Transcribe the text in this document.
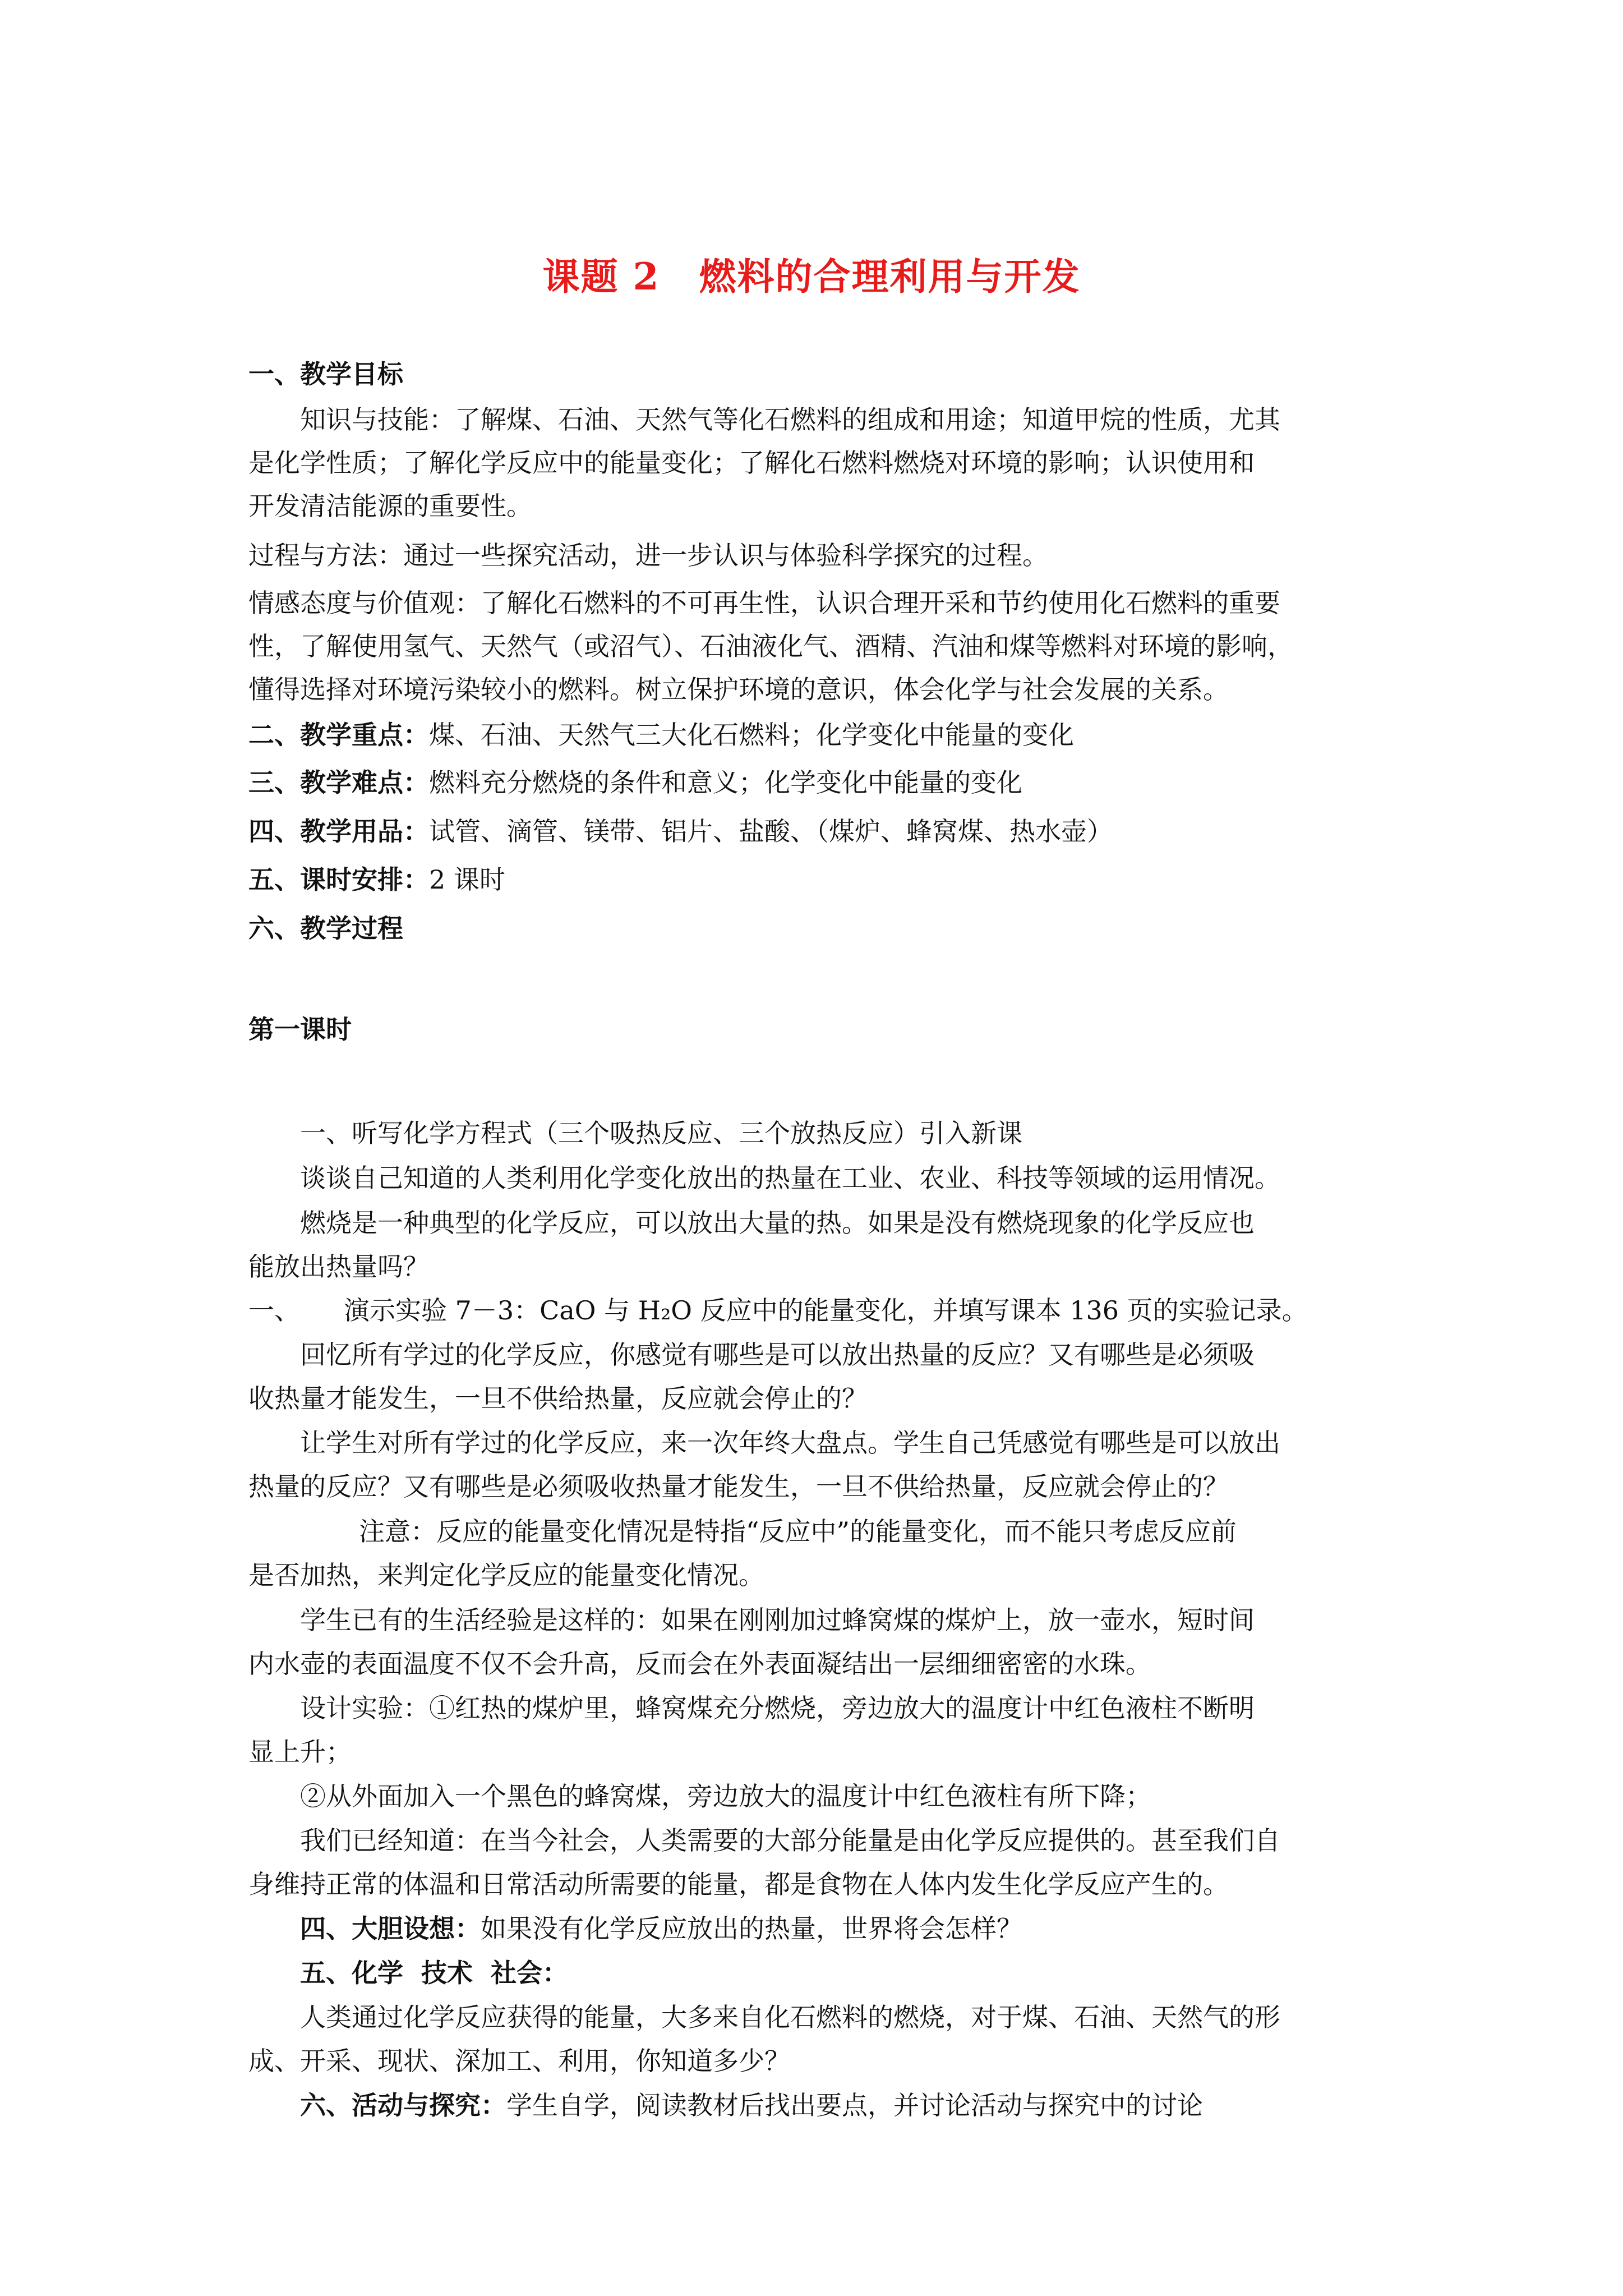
课题 2 燃料的合理利用与开发
一、教学目标
知识与技能：了解煤、石油、天然气等化石燃料的组成和用途；知道甲烷的性质，尤其
是化学性质；了解化学反应中的能量变化；了解化石燃料燃烧对环境的影响；认识使用和
开发清洁能源的重要性。
过程与方法：通过一些探究活动，进一步认识与体验科学探究的过程。
情感态度与价值观：了解化石燃料的不可再生性，认识合理开采和节约使用化石燃料的重要
性，了解使用氢气、天然气（或沼气）、石油液化气、酒精、汽油和煤等燃料对环境的影响，
懂得选择对环境污染较小的燃料。树立保护环境的意识，体会化学与社会发展的关系。
二、教学重点：煤、石油、天然气三大化石燃料；化学变化中能量的变化
三、教学难点：燃料充分燃烧的条件和意义；化学变化中能量的变化
四、教学用品：试管、滴管、镁带、铝片、盐酸、（煤炉、蜂窝煤、热水壶）
五、课时安排：2 课时
六、教学过程
第一课时
一、听写化学方程式（三个吸热反应、三个放热反应）引入新课
谈谈自己知道的人类利用化学变化放出的热量在工业、农业、科技等领域的运用情况。
燃烧是一种典型的化学反应，可以放出大量的热。如果是没有燃烧现象的化学反应也
能放出热量吗？
一、 演示实验 7－3：CaO 与 H₂O 反应中的能量变化，并填写课本 136 页的实验记录。
回忆所有学过的化学反应，你感觉有哪些是可以放出热量的反应？又有哪些是必须吸
收热量才能发生，一旦不供给热量，反应就会停止的？
让学生对所有学过的化学反应，来一次年终大盘点。学生自己凭感觉有哪些是可以放出
热量的反应？又有哪些是必须吸收热量才能发生，一旦不供给热量，反应就会停止的？
注意：反应的能量变化情况是特指“反应中”的能量变化，而不能只考虑反应前
是否加热，来判定化学反应的能量变化情况。
学生已有的生活经验是这样的：如果在刚刚加过蜂窝煤的煤炉上，放一壶水，短时间
内水壶的表面温度不仅不会升高，反而会在外表面凝结出一层细细密密的水珠。
设计实验：①红热的煤炉里，蜂窝煤充分燃烧，旁边放大的温度计中红色液柱不断明
显上升；
②从外面加入一个黑色的蜂窝煤，旁边放大的温度计中红色液柱有所下降；
我们已经知道：在当今社会，人类需要的大部分能量是由化学反应提供的。甚至我们自
身维持正常的体温和日常活动所需要的能量，都是食物在人体内发生化学反应产生的。
四、大胆设想：如果没有化学反应放出的热量，世界将会怎样？
五、化学  技术  社会：
人类通过化学反应获得的能量，大多来自化石燃料的燃烧，对于煤、石油、天然气的形
成、开采、现状、深加工、利用，你知道多少？
六、活动与探究：学生自学，阅读教材后找出要点，并讨论活动与探究中的讨论
